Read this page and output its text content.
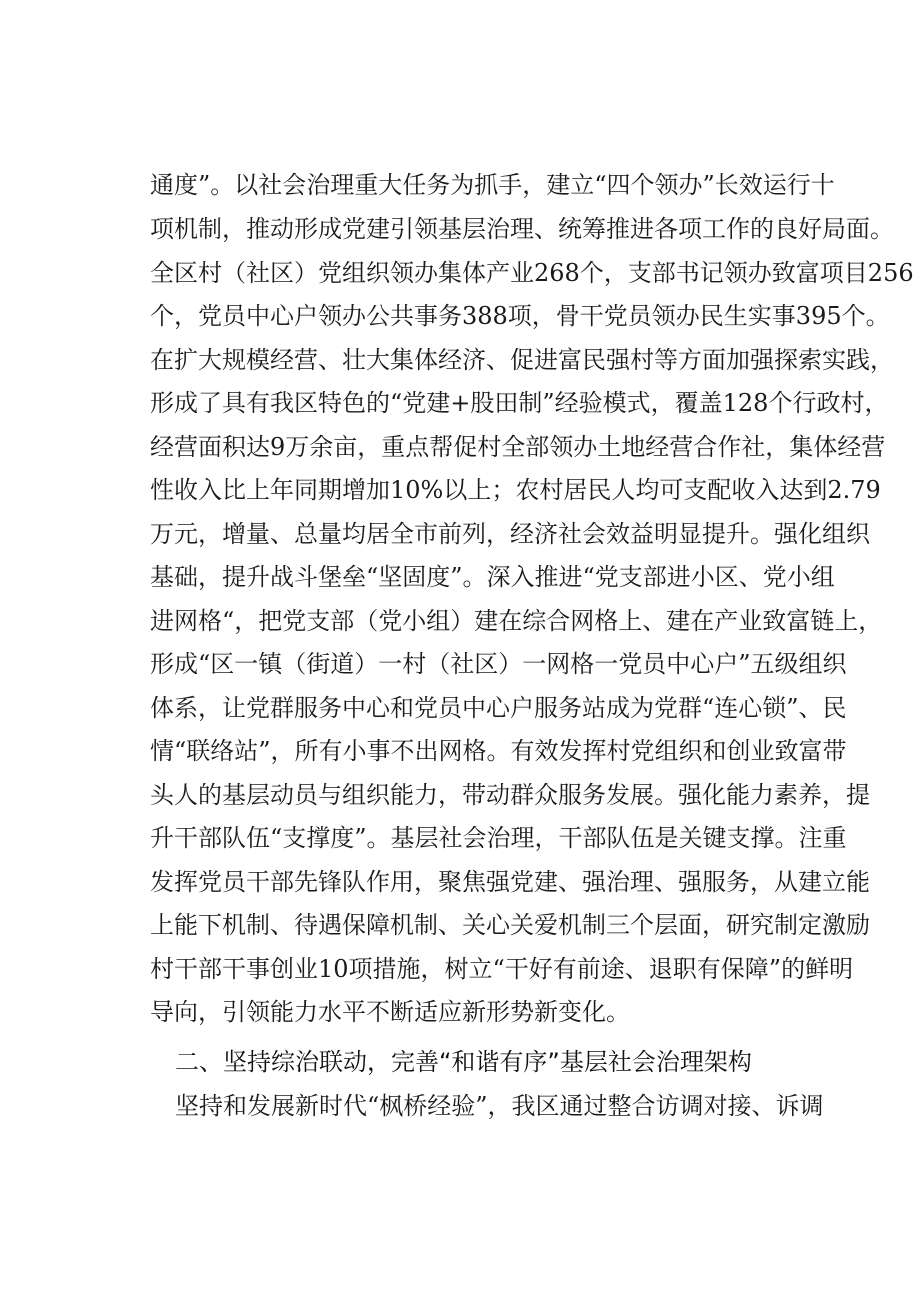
通度”。以社会治理重大任务为抓手，建立“四个领办”长效运行十
项机制，推动形成党建引领基层治理、统筹推进各项工作的良好局面。
全区村（社区）党组织领办集体产业268个，支部书记领办致富项目256
个，党员中心户领办公共事务388项，骨干党员领办民生实事395个。
在扩大规模经营、壮大集体经济、促进富民强村等方面加强探索实践，
形成了具有我区特色的“党建+股田制”经验模式，覆盖128个行政村，
经营面积达9万余亩，重点帮促村全部领办土地经营合作社，集体经营
性收入比上年同期增加10%以上；农村居民人均可支配收入达到2.79
万元，增量、总量均居全市前列，经济社会效益明显提升。强化组织
基础，提升战斗堡垒“坚固度”。深入推进“党支部进小区、党小组
进网格“，把党支部（党小组）建在综合网格上、建在产业致富链上，
形成“区一镇（街道）一村（社区）一网格一党员中心户”五级组织
体系，让党群服务中心和党员中心户服务站成为党群“连心锁”、民
情“联络站”，所有小事不出网格。有效发挥村党组织和创业致富带
头人的基层动员与组织能力，带动群众服务发展。强化能力素养，提
升干部队伍“支撑度”。基层社会治理，干部队伍是关键支撑。注重
发挥党员干部先锋队作用，聚焦强党建、强治理、强服务，从建立能
上能下机制、待遇保障机制、关心关爱机制三个层面，研究制定激励
村干部干事创业10项措施，树立“干好有前途、退职有保障”的鲜明
导向，引领能力水平不断适应新形势新变化。
二、坚持综治联动，完善“和谐有序”基层社会治理架构
坚持和发展新时代“枫桥经验”，我区通过整合访调对接、诉调
